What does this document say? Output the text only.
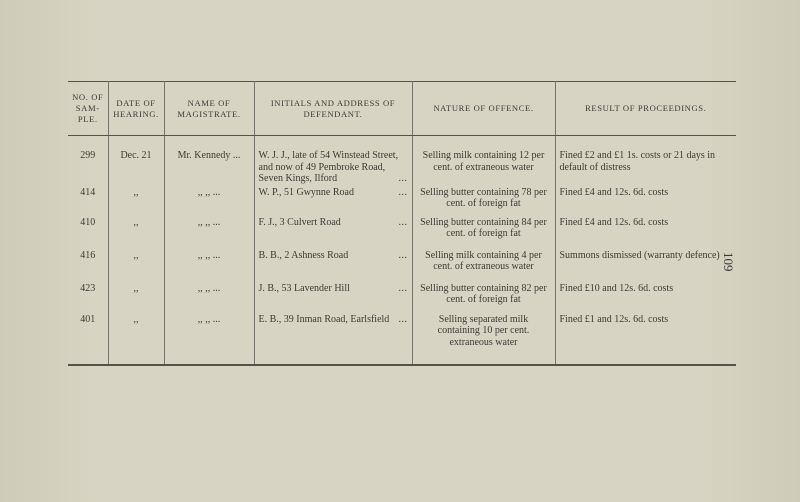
NO. OF SAM- PLE.	DATE OF HEARING.	NAME OF MAGISTRATE.	INITIALS AND ADDRESS OF DEFENDANT.	NATURE OF OFFENCE.	RESULT OF PROCEEDINGS.
299	Dec. 21	Mr. Kennedy ...	W. J. J., late of 54 Winstead Street, and now of 49 Pembroke Road, Seven Kings, Ilford ...	Selling milk containing 12 per cent. of extraneous water	Fined £2 and £1 1s. costs or 21 days in default of distress
414	,,	,, ,, ...	W. P., 51 Gwynne Road ...	Selling butter containing 78 per cent. of foreign fat	Fined £4 and 12s. 6d. costs
410	,,	,, ,, ...	F. J., 3 Culvert Road ...	Selling butter containing 84 per cent. of foreign fat	Fined £4 and 12s. 6d. costs
416	,,	,, ,, ...	B. B., 2 Ashness Road ...	Selling milk containing 4 per cent. of extraneous water	Summons dismissed (warranty defence)
423	,,	,, ,, ...	J. B., 53 Lavender Hill ...	Selling butter containing 82 per cent. of foreign fat	Fined £10 and 12s. 6d. costs
401	,,	,, ,, ...	E. B., 39 Inman Road, Earlsfield ...	Selling separated milk containing 10 per cent. extraneous water	Fined £1 and 12s. 6d. costs
109
